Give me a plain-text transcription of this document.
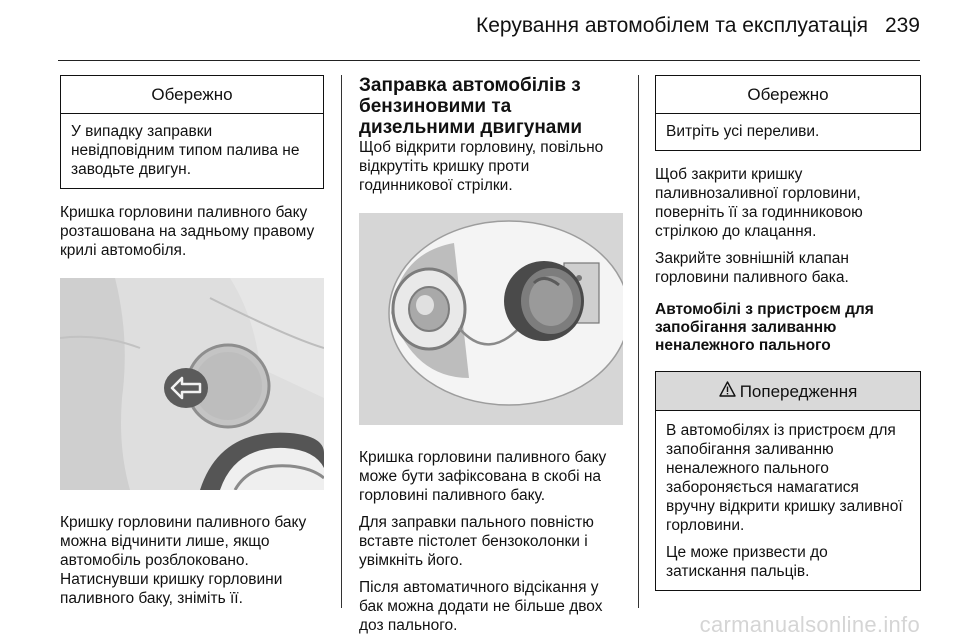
Керування автомобілем та експлуатація 239
Обережно

У випадку заправки невідповідним типом палива не заводьте двигун.

Кришка горловини паливного баку розташована на задньому правому крилі автомобіля.

Кришку горловини паливного баку можна відчинити лише, якщо автомобіль розблоковано. Натиснувши кришку горловини паливного баку, зніміть її.

Заправка автомобілів з бензиновими та дизельними двигунами

Щоб відкрити горловину, повільно відкрутіть кришку проти годинникової стрілки.

Кришка горловини паливного баку може бути зафіксована в скобі на горловині паливного баку.

Для заправки пального повністю вставте пістолет бензоколонки і увімкніть його.

Після автоматичного відсікання у бак можна додати не більше двох доз пального.

Обережно

Витріть усі переливи.

Щоб закрити кришку паливнозаливної горловини, поверніть її за годинниковою стрілкою до клацання.

Закрийте зовнішній клапан горловини паливного бака.

Автомобілі з пристроєм для запобігання заливанню неналежного пального
Попередження

В автомобілях із пристроєм для запобігання заливанню неналежного пального забороняється намагатися вручну відкрити кришку заливної горловини.

Це може призвести до затискання пальців.

carmanualsonline.info
